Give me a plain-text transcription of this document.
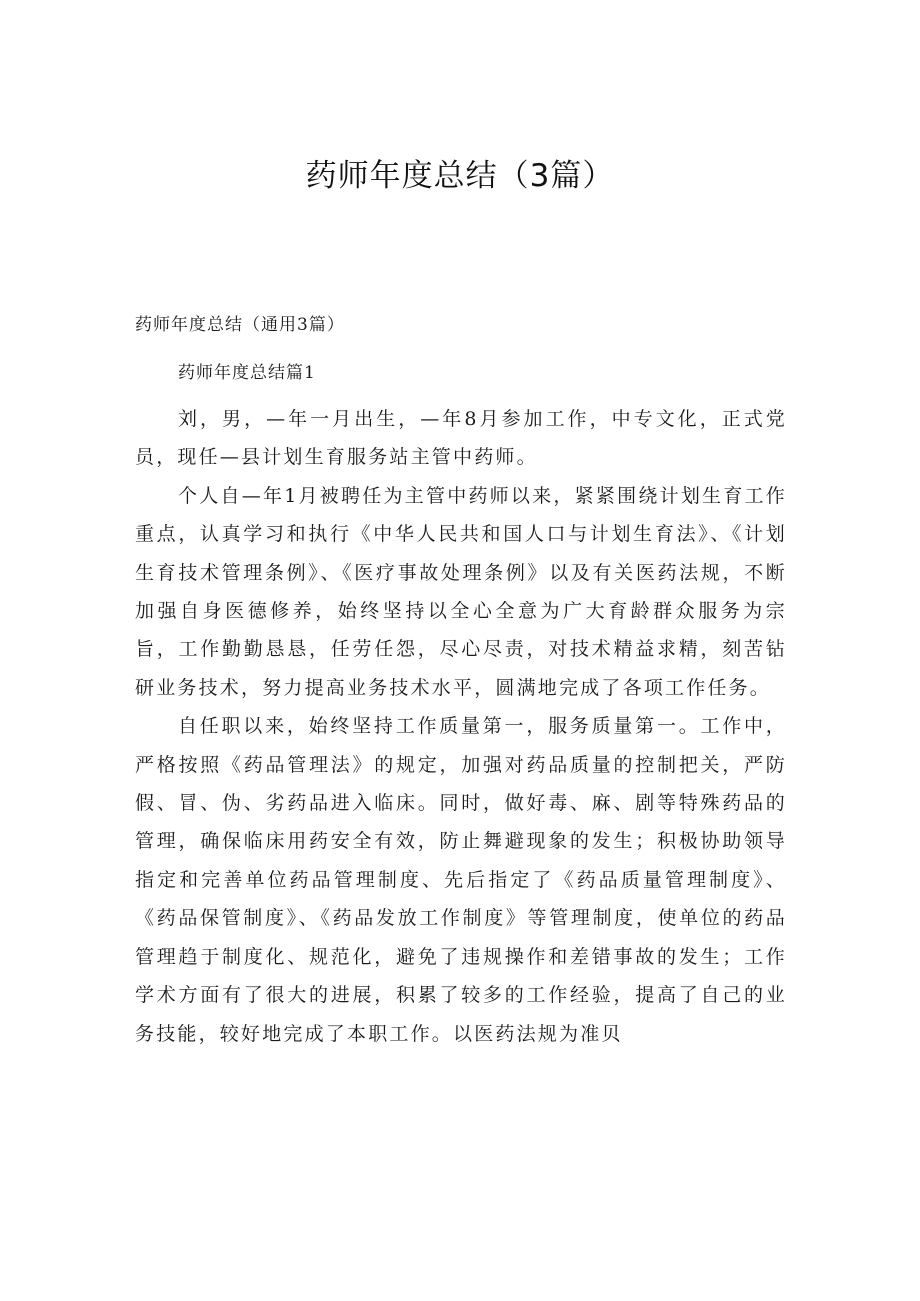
药师年度总结（3篇）
药师年度总结（通用3篇）
药师年度总结篇1

刘，男，—年一月出生，—年8月参加工作，中专文化，正式党员，现任—县计划生育服务站主管中药师。

个人自—年1月被聘任为主管中药师以来，紧紧围绕计划生育工作重点，认真学习和执行《中华人民共和国人口与计划生育法》、《计划生育技术管理条例》、《医疗事故处理条例》以及有关医药法规，不断加强自身医德修养，始终坚持以全心全意为广大育龄群众服务为宗旨，工作勤勤恳恳，任劳任怨，尽心尽责，对技术精益求精，刻苦钻研业务技术，努力提高业务技术水平，圆满地完成了各项工作任务。

自任职以来，始终坚持工作质量第一，服务质量第一。工作中，严格按照《药品管理法》的规定，加强对药品质量的控制把关，严防假、冒、伪、劣药品进入临床。同时，做好毒、麻、剧等特殊药品的管理，确保临床用药安全有效，防止舞避现象的发生；积极协助领导指定和完善单位药品管理制度、先后指定了《药品质量管理制度》、《药品保管制度》、《药品发放工作制度》等管理制度，使单位的药品管理趋于制度化、规范化，避免了违规操作和差错事故的发生；工作学术方面有了很大的进展，积累了较多的工作经验，提高了自己的业务技能，较好地完成了本职工作。以医药法规为准贝
